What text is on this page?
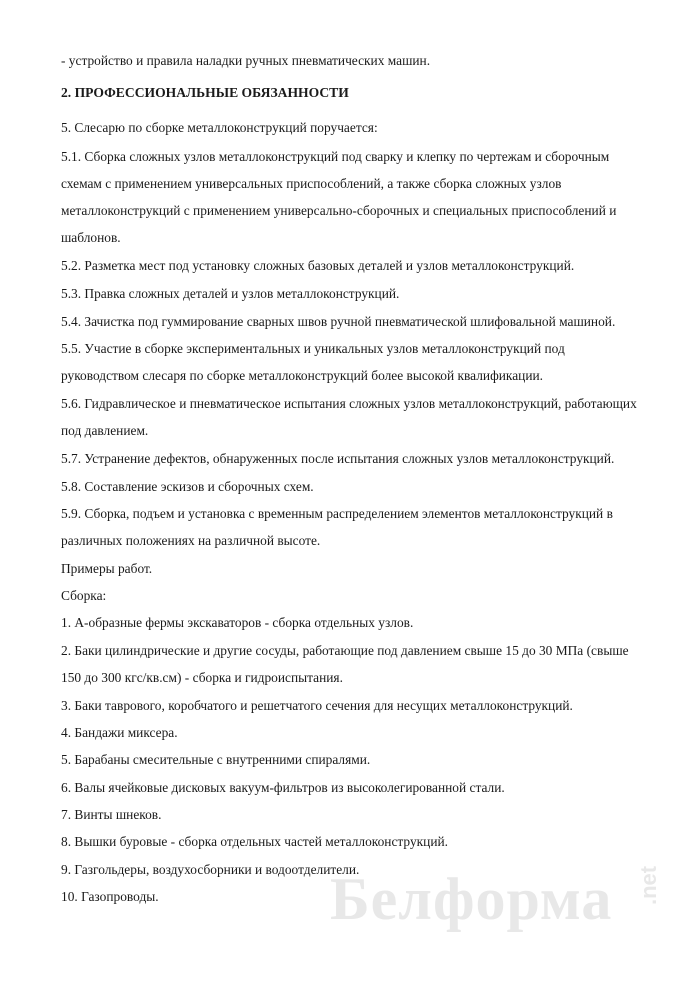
- устройство и правила наладки ручных пневматических машин.
2. ПРОФЕССИОНАЛЬНЫЕ ОБЯЗАННОСТИ
5. Слесарю по сборке металлоконструкций поручается:
5.1. Сборка сложных узлов металлоконструкций под сварку и клепку по чертежам и сборочным
схемам с применением универсальных приспособлений, а также сборка сложных узлов
металлоконструкций с применением универсально-сборочных и специальных приспособлений и
шаблонов.
5.2. Разметка мест под установку сложных базовых деталей и узлов металлоконструкций.
5.3. Правка сложных деталей и узлов металлоконструкций.
5.4. Зачистка под гуммирование сварных швов ручной пневматической шлифовальной машиной.
5.5. Участие в сборке экспериментальных и уникальных узлов металлоконструкций под
руководством слесаря по сборке металлоконструкций более высокой квалификации.
5.6. Гидравлическое и пневматическое испытания сложных узлов металлоконструкций, работающих
под давлением.
5.7. Устранение дефектов, обнаруженных после испытания сложных узлов металлоконструкций.
5.8. Составление эскизов и сборочных схем.
5.9. Сборка, подъем и установка с временным распределением элементов металлоконструкций в
различных положениях на различной высоте.
Примеры работ.
Сборка:
1. А-образные фермы экскаваторов - сборка отдельных узлов.
2. Баки цилиндрические и другие сосуды, работающие под давлением свыше 15 до 30 МПа (свыше
150 до 300 кгс/кв.см) - сборка и гидроиспытания.
3. Баки таврового, коробчатого и решетчатого сечения для несущих металлоконструкций.
4. Бандажи миксера.
5. Барабаны смесительные с внутренними спиралями.
6. Валы ячейковые дисковых вакуум-фильтров из высоколегированной стали.
7. Винты шнеков.
8. Вышки буровые - сборка отдельных частей металлоконструкций.
9. Газгольдеры, воздухосборники и водоотделители.
10. Газопроводы.	Белформа .net
